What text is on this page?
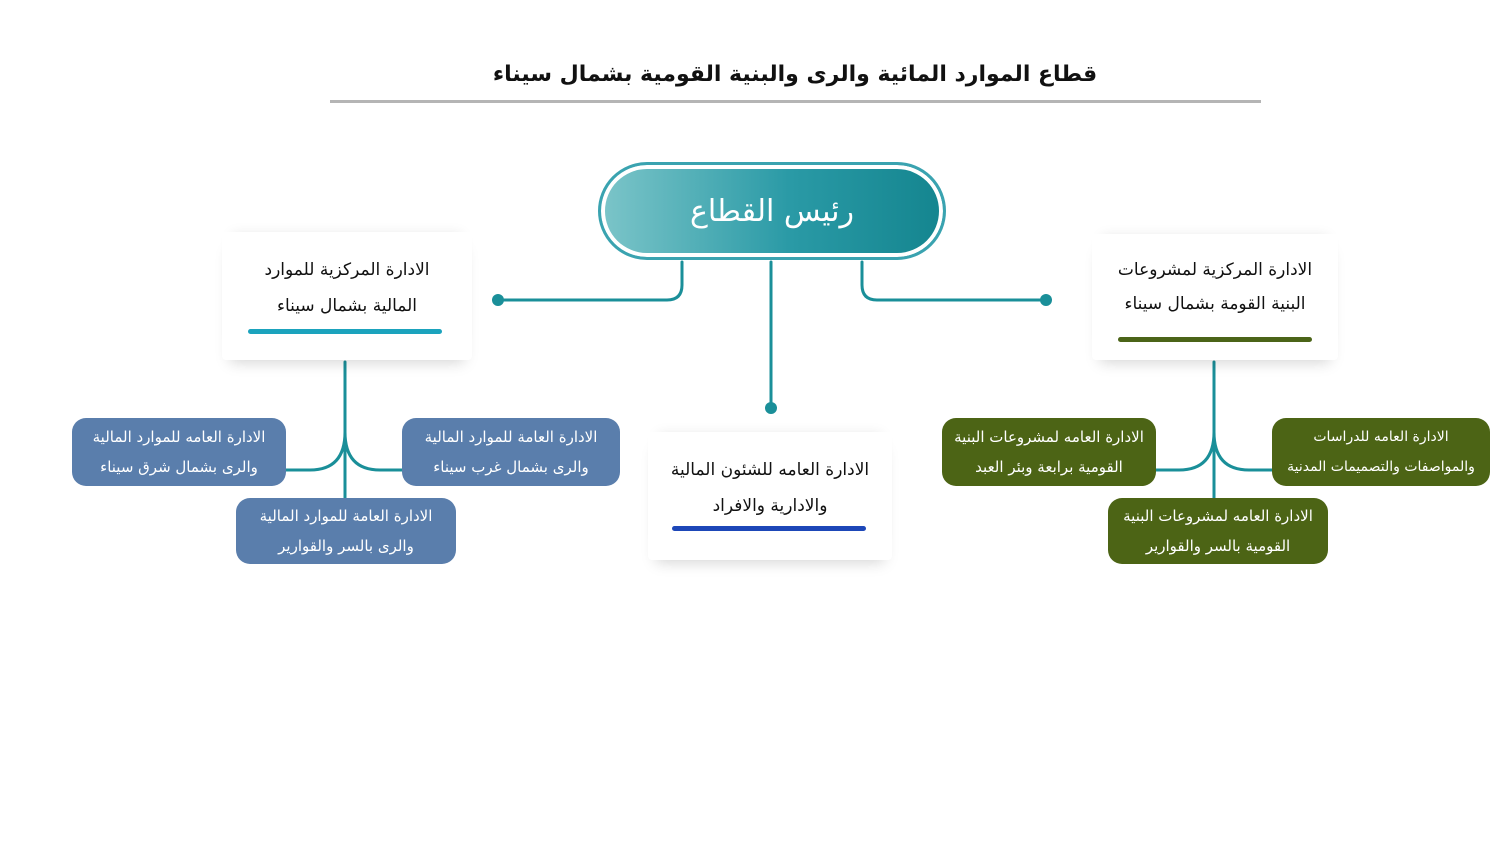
قطاع الموارد المائية والرى والبنية القومية بشمال سيناء
رئيس القطاع
الادارة المركزية للموارد
المالية بشمال سيناء
الادارة العامه للشئون المالية
والادارية والافراد
الادارة المركزية لمشروعات
البنية القومة بشمال سيناء
الادارة العامه للموارد المالية
والرى بشمال شرق سيناء
الادارة العامة للموارد المالية
والرى بشمال غرب سيناء
الادارة العامة للموارد المالية
والرى بالسر والقوارير
الادارة العامه لمشروعات البنية
القومية برابعة وبئر العبد
الادارة العامه للدراسات
والمواصفات والتصميمات المدنية
الادارة العامه لمشروعات البنية
القومية بالسر والقوارير
